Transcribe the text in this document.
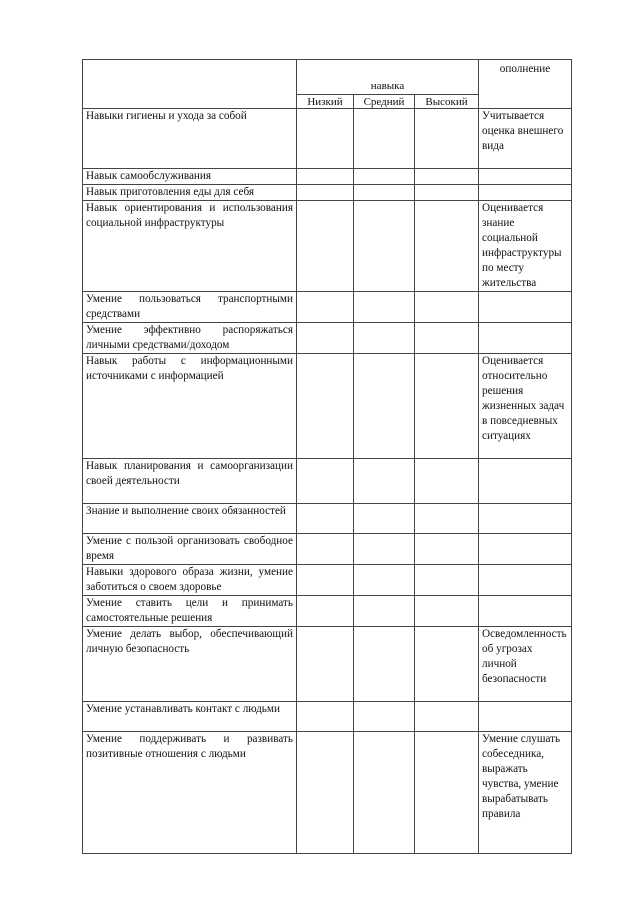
	навыка			ополнение
	Низкий	Средний	Высокий	
Навыки гигиены и ухода за собой				Учитывается оценка внешнего вида
Навык самообслуживания				
Навык приготовления еды для себя				
Навык ориентирования и использования социальной инфраструктуры				Оценивается знание социальной инфраструктуры по месту жительства
Умение пользоваться транспортными средствами				
Умение эффективно распоряжаться личными средствами/доходом				
Навык работы с информационными источниками с информацией				Оценивается относительно решения жизненных задач в повседневных ситуациях
Навык планирования и самоорганизации своей деятельности				
Знание и выполнение своих обязанностей				
Умение с пользой организовать свободное время				
Навыки здорового образа жизни, умение заботиться о своем здоровье				
Умение ставить цели и принимать самостоятельные решения				
Умение делать выбор, обеспечивающий личную безопасность				Осведомленность об угрозах личной безопасности
Умение устанавливать контакт с людьми				
Умение поддерживать и развивать позитивные отношения с людьми				Умение слушать собеседника, выражать чувства, умение вырабатывать правила
